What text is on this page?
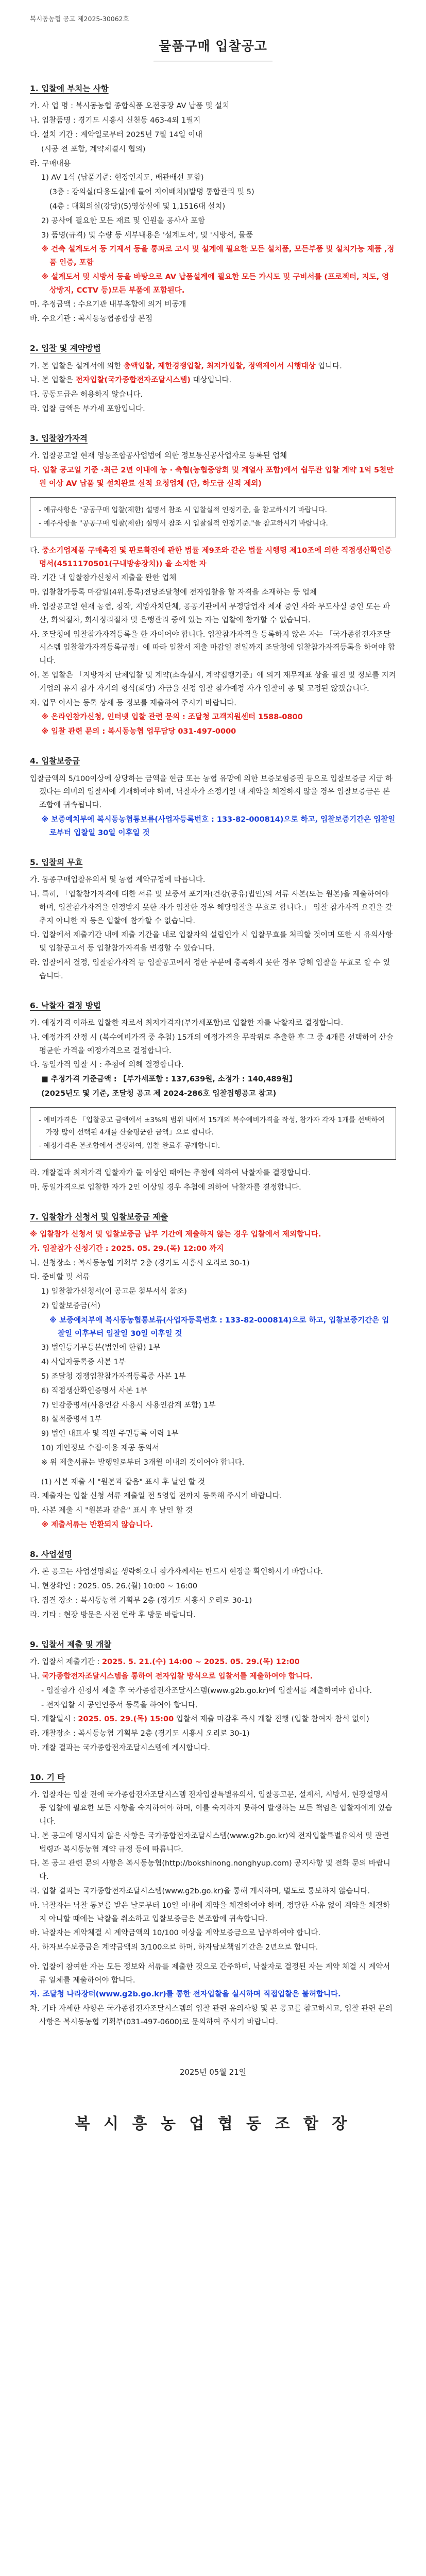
복시동농협 공고 제2025-30062호
물품구매 입찰공고
1. 입찰에 부치는 사항
가. 사 업 명 : 복시동농협 종합식품 오전공장 AV 납품 및 설치
나. 입찰품명 : 경기도 시흥시 신천동 463-4외 1필지
다. 설치 기간 : 계약일로부터 2025년 7월 14일 이내
(시공 전 포함, 계약체결시 협의)
라. 구매내용
1) AV 1식 (납품기준: 현장인지도, 배관배선 포함)
(3층 : 강의실(다용도실)에 들어 지이배치)(발명 통합관리 및 5)
(4층 : 대회의실(강당)(5)영상실에 및 1,1516대 설치)
2) 공사에 필요한 모든 재료 및 인원을 공사사 포함
3) 품명(규격) 및 수량 등 세부내용은 '설계도서', 및 '시방서, 물품
※ 건축 설계도서 등 기제서 등을 통과로 고시 및 설계에 필요한 모든 설치품, 모든부품 및 설치가능 제품 ,정품 인증, 포함
※ 설계도서 및 시방서 등을 바탕으로 AV 납품설계에 필요한 모든 가시도 및 구비서를 (프로젝터, 지도, 영상방지, CCTV 등)모든 부품에 포함된다.
마. 추정금액 : 수요기관 내부혹합에 의거 비공개
바. 수요기관 : 복시동농협종합상 본점
2. 입찰 및 계약방법
가. 본 입찰은 설계서에 의한 총액입찰, 제한경쟁입찰, 최저가입찰, 정액제이서 시행대상 입니다.
나. 본 입찰은 전자입찰(국가종합전자조달시스템) 대상입니다.
다. 공동도급은 허용하지 않습니다.
라. 입찰 금액은 부가세 포함입니다.
3. 입찰참가자격
가. 입찰공고일 현재 영농조합공사업법에 의한 정보통신공사업자로 등록된 업체
다. 입찰 공고일 기준 ·최근 2년 이내에 농 · 축협(농협중앙회 및 계열사 포함)에서 쉽두관 입찰 계약 1억 5천만원 이상 AV 납품 및 설치완료 실적 요청업체 (단, 하도급 실적 제외)
- 예규사항은 "공공구매 입찰(제한) 설명서 참조 시 입찰실적 인정기준, 을 참고하시기 바랍니다.
- 예주사항을 "공공구매 입찰(제한) 설명서 참조 시 입찰실적 인정기준."을 참고하시기 바랍니다.
다. 중소기업제품 구매촉진 및 판로확진에 관한 법률 제9조와 같은 법률 시행령 제10조에 의한 직접생산확인증명서(4511170501(구내방송장치)) 을 소지한 자
라. 기간 내 입찰참가신청서 제출을 완한 업체
마. 입찰참가등록 마감일(4위.등록)전당조달청에 전자입찰을 할 자격을 소재하는 등 업체
바. 입찰공고일 현재 농협, 창작, 지방자치단체, 공공기관에서 부정당업자 제재 중인 자와 부도사실 중인 또는 파산, 화의절차, 회사정리절차 및 은행관리 중에 있는 자는 입찰에 참가할 수 없습니다.
사. 조달청에 입찰참가자격등록을 한 자이어야 합니다. 입찰참가자격을 등록하지 않은 자는 「국가종합전자조달시스템 입찰참가자격등록규정」에 따라 입찰서 제출 마감일 전일까지 조달청에 입찰참가자격등록을 하여야 합니다.
아. 본 입찰은 「지방자치 단체입찰 및 계약(소속실시, 계약집행기준」에 의거 재무제표 상을 필진 및 정보를 지켜 기업의 유지 참가 자기의 형식(회당) 자금을 선정 입찰 참가예정 자가 입찰이 종 및 고정된 않겠습니다.
자. 업무 아사는 등록 상세 등 정보를 제출하여 주시기 바랍니다.
※ 온라인참가신청, 인터넷 입찰 관련 문의 : 조달청 고객지원센터 1588-0800
※ 입찰 관련 문의 : 복시동농협 업무담당 031-497-0000
4. 입찰보증금
입찰금액의 5/100이상에 상당하는 금액을 현금 또는 농협 유망에 의한 보증보험증권 등으로 입찰보증금 지급 하겠다는 의미의 입찰서에 기재하여야 하며, 낙찰자가 소정기일 내 계약을 체결하지 않을 경우 입찰보증금은 본조합에 귀속됩니다.
※ 보증예치부에 복시동농협통보류(사업자등록번호 : 133-82-000814)으로 하고, 입찰보증기간은 입찰일로부터 입찰일 30일 이후일 것
5. 입찰의 무효
가. 동종구매입찰유의서 및 농협 계약규정에 따릅니다.
나. 특히, 「입찰참가자격에 대한 서류 및 보증서 포기자(건강(공유)법인)의 서류 사본(또는 원본)을 제출하여야 하며, 입찰참가자격을 인정받지 못한 자가 입찰한 경우 해당입찰을 무효로 합니다.」 입찰 참가자격 요건을 갖추지 아니한 자 등은 입찰에 참가할 수 없습니다.
다. 입찰에서 제출기간 내에 제출 기간을 내로 입찰자의 설립인가 시 입찰무효를 처리할 것이며 또한 시 유의사항 및 입찰공고서 등 입찰참가자격을 변경할 수 있습니다.
라. 입찰에서 결정, 입찰참가자격 등 입찰공고에서 정한 부분에 충족하지 못한 경우 당해 입찰을 무효로 할 수 있습니다.
6. 낙찰자 결정 방법
가. 예정가격 이하로 입찰한 자로서 최저가격자(부가세포함)로 입찰한 자를 낙찰자로 결정합니다.
나. 예정가격 산정 시 (복수예비가격 중 추첨) 15개의 예정가격을 무작위로 추출한 후 그 중 4개를 선택하여 산술평균한 가격을 예정가격으로 결정합니다.
다. 동일가격 입찰 시 : 추첨에 의해 결정합니다.
■ 추정가격 기준금액 : 【부가세포함 : 137,639원, 소정가 : 140,489원】
(2025년도 및 기준, 조달청 공고 제 2024-286호 입찰집행공고 참고)
- 예비가격은 「입찰공고 금액에서 ±3%의 범위 내에서 15개의 복수예비가격을 작성, 참가자 각자 1개를 선택하여 가장 많이 선택된 4개를 산술평균한 금액」으로 합니다.
- 예정가격은 본조합에서 결정하여, 입찰 완료후 공개합니다.
라. 개찰결과 최저가격 입찰자가 둘 이상인 때에는 추첨에 의하여 낙찰자를 결정합니다.
마. 동일가격으로 입찰한 자가 2인 이상일 경우 추첨에 의하여 낙찰자를 결정합니다.
7. 입찰참가 신청서 및 입찰보증금 제출
※ 입찰참가 신청서 및 입찰보증금 납부 기간에 제출하지 않는 경우 입찰에서 제외합니다.
가. 입찰참가 신청기간 : 2025. 05. 29.(목) 12:00 까지
나. 신청장소 : 복시동농협 기획부 2층 (경기도 시흥시 오리로 30-1)
다. 준비할 및 서류
1) 입찰참가신청서(이 공고문 첨부서식 참조)
2) 입찰보증금(서)
※ 보증예치부에 복시동농협통보류(사업자등록번호 : 133-82-000814)으로 하고, 입찰보증기간은 입찰일 이후부터 입찰일 30일 이후일 것
3) 법인등기부등본(법인에 한함) 1부
4) 사업자등록증 사본 1부
5) 조달청 경쟁입찰참가자격등록증 사본 1부
6) 직접생산확인증명서 사본 1부
7) 인감증명서(사용인감 사용시 사용인감계 포함) 1부
8) 실적증명서 1부
9) 법인 대표자 및 직원 주민등록 이력 1부
10) 개인정보 수집·이용 제공 동의서
※ 위 제출서류는 발행일로부터 3개월 이내의 것이어야 합니다.
(1) 사본 제출 시 "원본과 같음" 표시 후 날인 할 것
라. 제출자는 입찰 신청 서류 제출일 전 5영업 전까지 등록해 주시기 바랍니다.
마. 사본 제출 시 "원본과 같음" 표시 후 날인 할 것
※ 제출서류는 반환되지 않습니다.
8. 사업설명
가. 본 공고는 사업설명회를 생략하오니 참가자께서는 반드시 현장을 확인하시기 바랍니다.
나. 현장확인 : 2025. 05. 26.(월) 10:00 ~ 16:00
다. 집결 장소 : 복시동농협 기획부 2층 (경기도 시흥시 오리로 30-1)
라. 기타 : 현장 방문은 사전 연락 후 방문 바랍니다.
9. 입찰서 제출 및 개찰
가. 입찰서 제출기간 : 2025. 5. 21.(수) 14:00 ~ 2025. 05. 29.(목) 12:00
나. 국가종합전자조달시스템을 통하여 전자입찰 방식으로 입찰서를 제출하여야 합니다.
- 입찰참가 신청서 제출 후 국가종합전자조달시스템(www.g2b.go.kr)에 입찰서를 제출하여야 합니다.
- 전자입찰 시 공인인증서 등록을 하여야 합니다.
다. 개찰일시 : 2025. 05. 29.(목) 15:00 입찰서 제출 마감후 즉시 개찰 진행 (입찰 참여자 참석 없이)
라. 개찰장소 : 복시동농협 기획부 2층 (경기도 시흥시 오리로 30-1)
마. 개찰 결과는 국가종합전자조달시스템에 게시합니다.
10. 기 타
가. 입찰자는 입찰 전에 국가종합전자조달시스템 전자입찰특별유의서, 입찰공고문, 설계서, 시방서, 현장설명서 등 입찰에 필요한 모든 사항을 숙지하여야 하며, 이를 숙지하지 못하여 발생하는 모든 책임은 입찰자에게 있습니다.
나. 본 공고에 명시되지 않은 사항은 국가종합전자조달시스템(www.g2b.go.kr)의 전자입찰특별유의서 및 관련 법령과 복시동농협 계약 규정 등에 따릅니다.
다. 본 공고 관련 문의 사항은 복시동농협(http://bokshinong.nonghyup.com) 공지사항 및 전화 문의 바랍니다.
라. 입찰 결과는 국가종합전자조달시스템(www.g2b.go.kr)을 통해 게시하며, 별도로 통보하지 않습니다.
마. 낙찰자는 낙찰 통보를 받은 날로부터 10일 이내에 계약을 체결하여야 하며, 정당한 사유 없이 계약을 체결하지 아니할 때에는 낙찰을 취소하고 입찰보증금은 본조합에 귀속합니다.
바. 낙찰자는 계약체결 시 계약금액의 10/100 이상을 계약보증금으로 납부하여야 합니다.
사. 하자보수보증금은 계약금액의 3/100으로 하며, 하자담보책임기간은 2년으로 합니다.
아. 입찰에 참여한 자는 모든 정보와 서류를 제출한 것으로 간주하며, 낙찰자로 결정된 자는 계약 체결 시 계약서류 일체를 제출하여야 합니다.
자. 조달청 나라장터(www.g2b.go.kr)를 통한 전자입찰을 실시하며 직접입찰은 불허합니다.
차. 기타 자세한 사항은 국가종합전자조달시스템의 입찰 관련 유의사항 및 본 공고를 참고하시고, 입찰 관련 문의사항은 복시동농협 기획부(031-497-0600)로 문의하여 주시기 바랍니다.
2025년 05월 21일
복 시 흥 농 업 협 동 조 합 장
